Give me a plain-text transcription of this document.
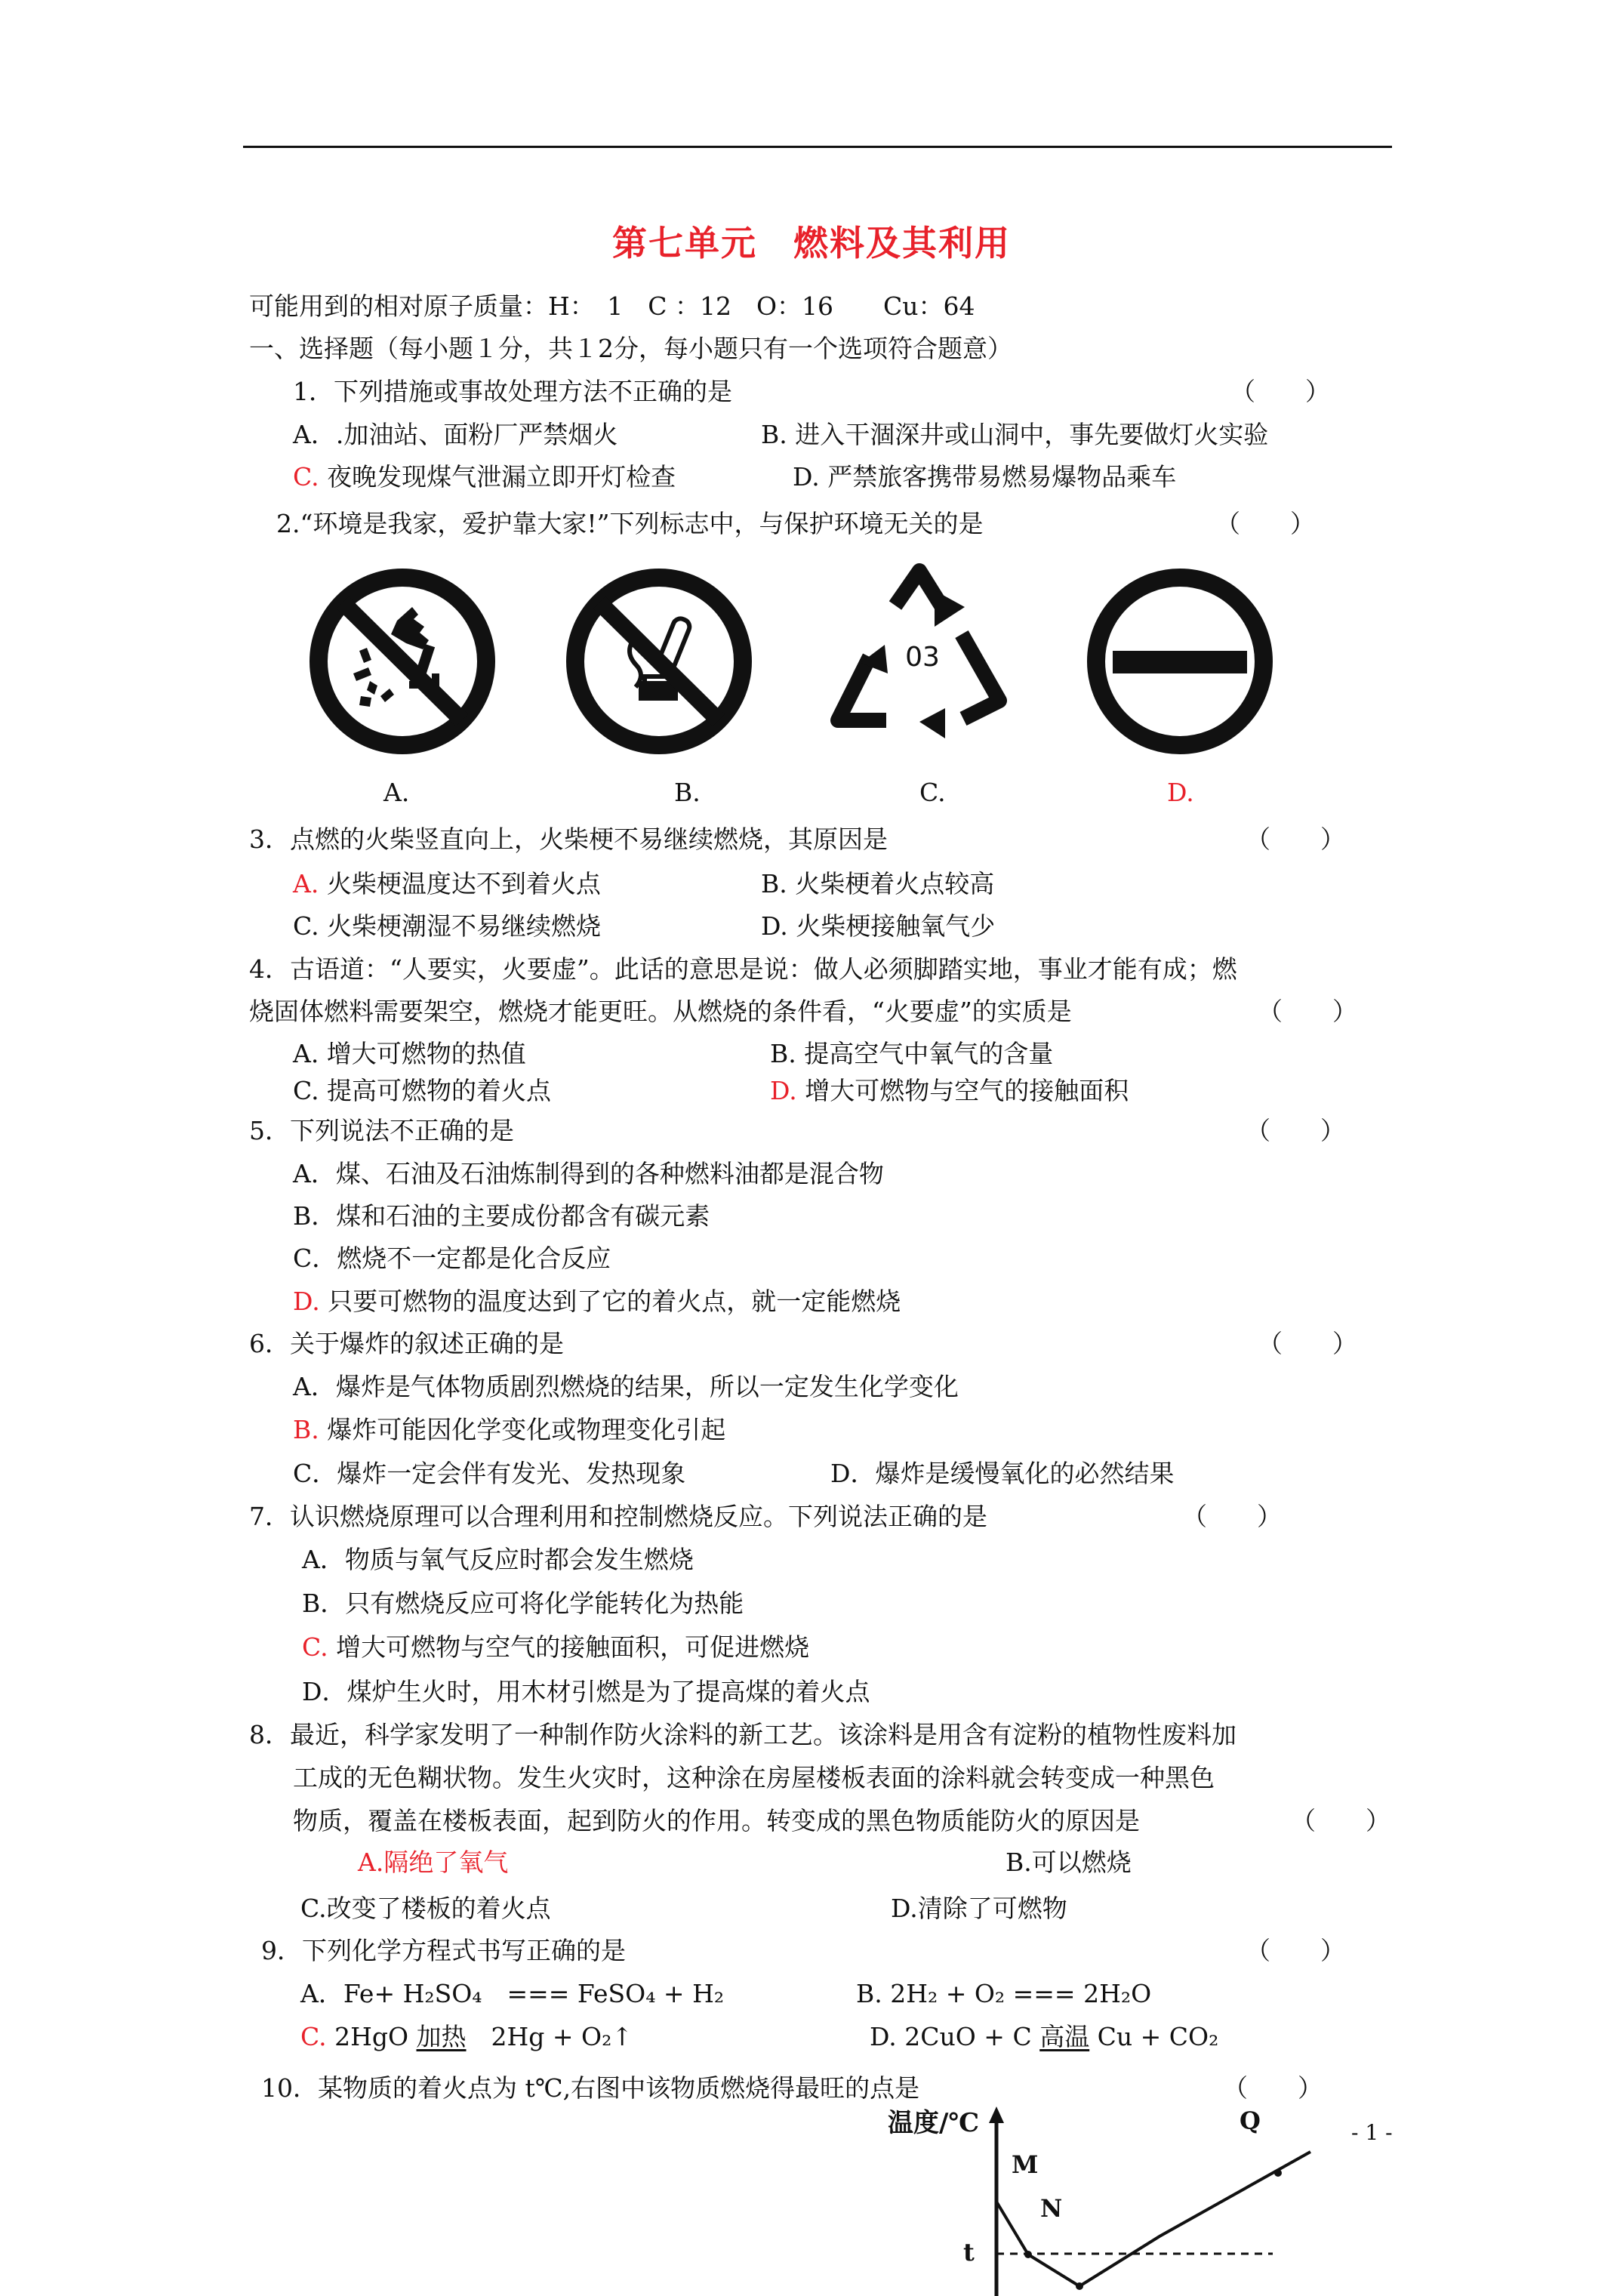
第七单元　燃料及其利用
可能用到的相对原子质量：H：　1　C ：12　O：16　　Cu：64
一、选择题（每小题１分，共１2分，每小题只有一个选项符合题意）
1．下列措施或事故处理方法不正确的是	（　　）
A．.加油站、面粉厂严禁烟火	B. 进入干涸深井或山洞中，事先要做灯火实验
C. 夜晚发现煤气泄漏立即开灯检查	D. 严禁旅客携带易燃易爆物品乘车
2.“环境是我家，爱护靠大家!”下列标志中，与保护环境无关的是	（　　）
03
A.	B.	C.	D.
3．点燃的火柴竖直向上，火柴梗不易继续燃烧，其原因是	（　　）
A. 火柴梗温度达不到着火点	B. 火柴梗着火点较高
C. 火柴梗潮湿不易继续燃烧	D. 火柴梗接触氧气少
4．古语道：“人要实，火要虚”。此话的意思是说：做人必须脚踏实地，事业才能有成；燃
烧固体燃料需要架空，燃烧才能更旺。从燃烧的条件看，“火要虚”的实质是	（　　）
A. 增大可燃物的热值	B. 提高空气中氧气的含量
C. 提高可燃物的着火点	D. 增大可燃物与空气的接触面积
5．下列说法不正确的是	（　　）
A．煤、石油及石油炼制得到的各种燃料油都是混合物
B．煤和石油的主要成份都含有碳元素
C．燃烧不一定都是化合反应
D. 只要可燃物的温度达到了它的着火点，就一定能燃烧
6．关于爆炸的叙述正确的是	（　　）
A．爆炸是气体物质剧烈燃烧的结果，所以一定发生化学变化
B. 爆炸可能因化学变化或物理变化引起
C．爆炸一定会伴有发光、发热现象	D．爆炸是缓慢氧化的必然结果
7．认识燃烧原理可以合理利用和控制燃烧反应。下列说法正确的是	（　　）
A．物质与氧气反应时都会发生燃烧
B．只有燃烧反应可将化学能转化为热能
C. 增大可燃物与空气的接触面积，可促进燃烧
D．煤炉生火时，用木材引燃是为了提高煤的着火点
8．最近，科学家发明了一种制作防火涂料的新工艺。该涂料是用含有淀粉的植物性废料加
工成的无色糊状物。发生火灾时，这种涂在房屋楼板表面的涂料就会转变成一种黑色
物质，覆盖在楼板表面，起到防火的作用。转变成的黑色物质能防火的原因是	（　　）
A.隔绝了氧气	B.可以燃烧
C.改变了楼板的着火点	D.清除了可燃物
9．下列化学方程式书写正确的是	（　　）
A．Fe+ H₂SO₄　=== FeSO₄ + H₂	B. 2H₂ + O₂ === 2H₂O
C. 2HgO 加热　2Hg + O₂↑	D. 2CuO + C 高温 Cu + CO₂
10．某物质的着火点为 t℃,右图中该物质燃烧得最旺的点是	（　　）
温度/℃	Q
M
N
t
- 1 -
